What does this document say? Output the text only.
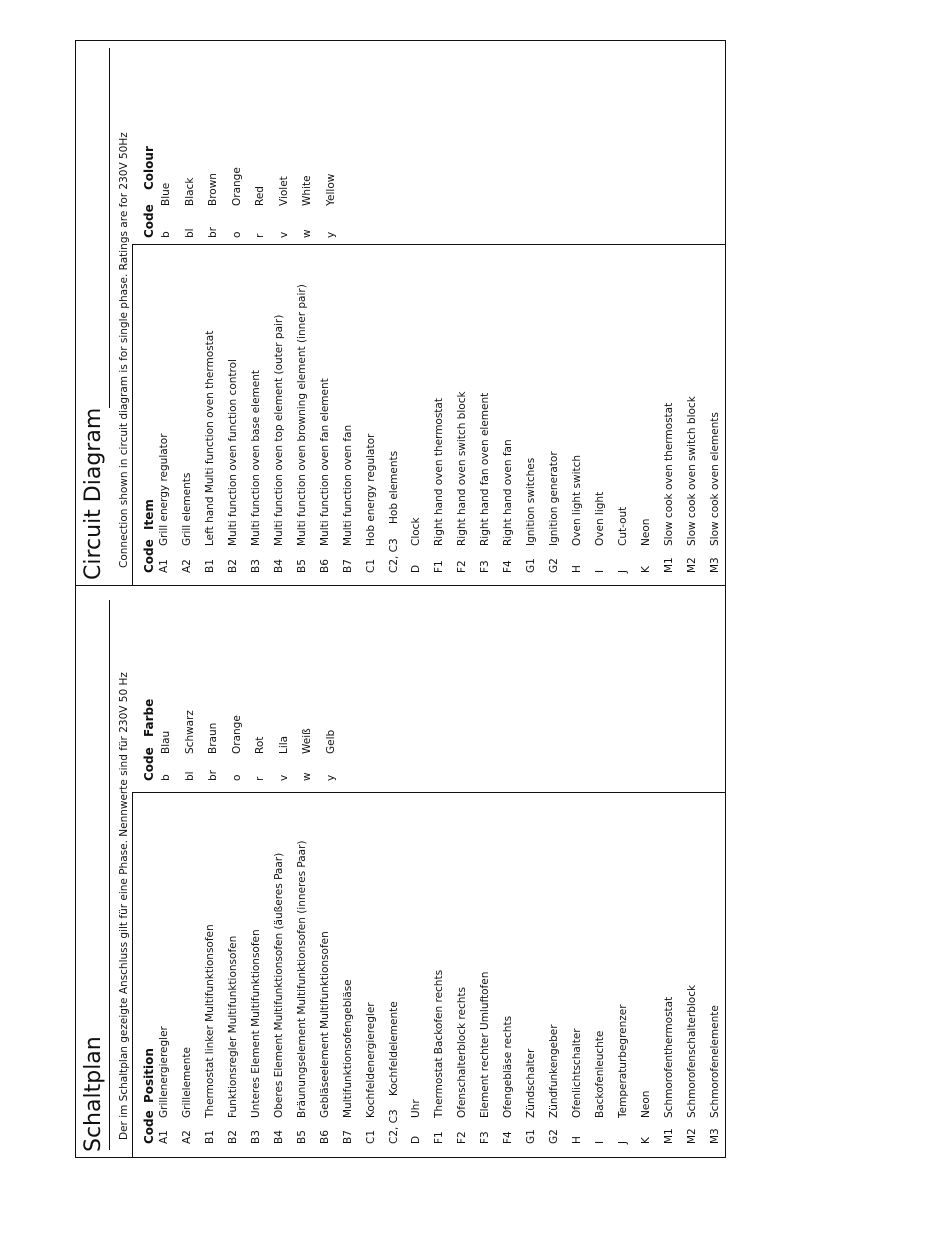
Schaltplan Der im Schaltplan gezeigte Anschluss gilt für eine Phase. Nennwerte sind für 230V 50 Hz Code
Position
A1
Grillenergieregler
A2
Grillelemente
B1
Thermostat linker Multifunktionsofen
B2
Funktionsregler Multifunktionsofen
B3
Unteres Element Multifunktionsofen
B4
Oberes Element Multifunktionsofen (äußeres Paar)
B5
Bräunungselement Multifunktionsofen (inneres Paar)
B6
Gebläseelement Multifunktionsofen
B7
Multifunktionsofengebläse
C1
Kochfeldenergieregler
C2, C3
Kochfeldelemente
D
Uhr
F1
Thermostat Backofen rechts
F2
Ofenschalterblock rechts
F3
Element rechter Umluftofen
F4
Ofengebläse rechts
G1
Zündschalter
G2
Zündfunkengeber
H
Ofenlichtschalter
I
Backofenleuchte
J
Temperaturbegrenzer
K
Neon
M1
Schmorofenthermostat
M2
Schmorofenschalterblock
M3
Schmorofenelemente
Code
Farbe
b
Blau
bl
Schwarz
br
Braun
o
Orange
r
Rot
v
Lila
w
Weiß
y
Gelb
Circuit Diagram Connection shown in circuit diagram is for single phase. Ratings are for 230V 50Hz Code
Item
A1
Grill energy regulator
A2
Grill elements
B1
Left hand Multi function oven thermostat
B2
Multi function oven function control
B3
Multi function oven base element
B4
Multi function oven top element (outer pair)
B5
Multi function oven browning element (inner pair)
B6
Multi function oven fan element
B7
Multi function oven fan
C1
Hob energy regulator
C2, C3
Hob elements
D
Clock
F1
Right hand oven thermostat
F2
Right hand oven switch block
F3
Right hand fan oven element
F4
Right hand oven fan
G1
Ignition switches
G2
Ignition generator
H
Oven light switch
I
Oven light
J
Cut-out
K
Neon
M1
Slow cook oven thermostat
M2
Slow cook oven switch block
M3
Slow cook oven elements
Code
Colour
b
Blue
bl
Black
br
Brown
o
Orange
r
Red
v
Violet
w
White
y
Yellow
